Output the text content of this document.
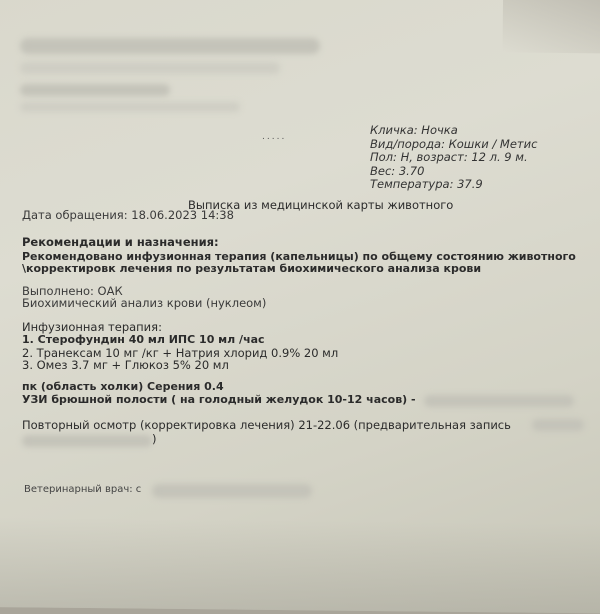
.....	Кличка: Ночка
Вид/порода: Кошки / Метис
Пол: Н, возраст: 12 л. 9 м.
Вес: 3.70
Температура: 37.9
Выписка из медицинской карты животного
Дата обращения: 18.06.2023 14:38
Рекомендации и назначения:
Рекомендовано инфузионная терапия (капельницы) по общему состоянию животного
\корректировк лечения по результатам биохимического анализа крови
Выполнено: ОАК
Биохимический анализ крови (нуклеом)
Инфузионная терапия:
1. Стерофундин 40 мл ИПС 10 мл /час
2. Транексам 10 мг /кг + Натрия хлорид 0.9% 20 мл
3. Омез 3.7 мг + Глюкоз 5% 20 мл
пк (область холки) Серения 0.4
УЗИ брюшной полости ( на голодный желудок 10-12 часов) -
Повторный осмотр (корректировка лечения) 21-22.06 (предварительная запись
)
Ветеринарный врач: с
